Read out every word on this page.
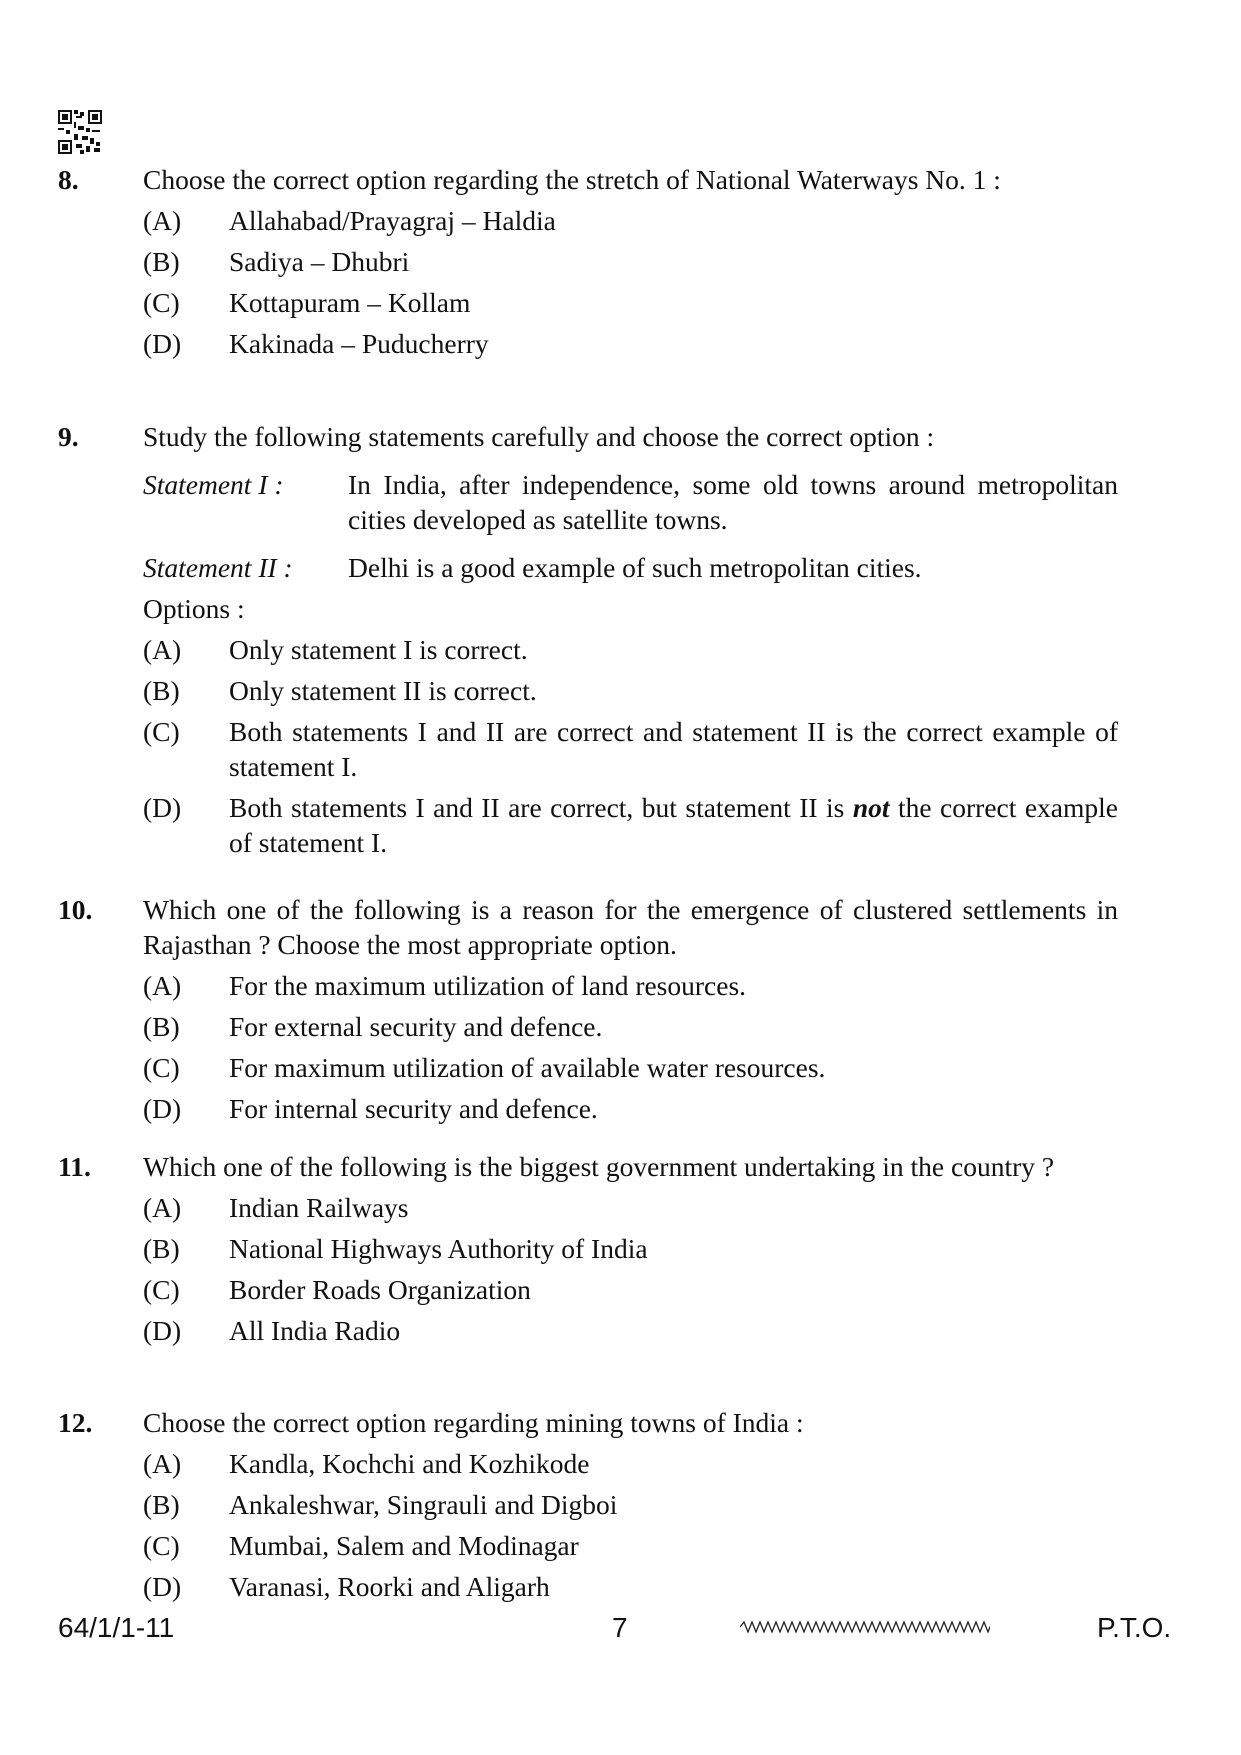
8. Choose the correct option regarding the stretch of National Waterways No. 1 :
(A) Allahabad/Prayagraj – Haldia
(B) Sadiya – Dhubri
(C) Kottapuram – Kollam
(D) Kakinada – Puducherry
9. Study the following statements carefully and choose the correct option :
Statement I : In India, after independence, some old towns around metropolitan cities developed as satellite towns.
Statement II : Delhi is a good example of such metropolitan cities.
Options :
(A) Only statement I is correct.
(B) Only statement II is correct.
(C) Both statements I and II are correct and statement II is the correct example of statement I.
(D) Both statements I and II are correct, but statement II is not the correct example of statement I.
10. Which one of the following is a reason for the emergence of clustered settlements in Rajasthan ? Choose the most appropriate option.
(A) For the maximum utilization of land resources.
(B) For external security and defence.
(C) For maximum utilization of available water resources.
(D) For internal security and defence.
11. Which one of the following is the biggest government undertaking in the country ?
(A) Indian Railways
(B) National Highways Authority of India
(C) Border Roads Organization
(D) All India Radio
12. Choose the correct option regarding mining towns of India :
(A) Kandla, Kochchi and Kozhikode
(B) Ankaleshwar, Singrauli and Digboi
(C) Mumbai, Salem and Modinagar
(D) Varanasi, Roorki and Aligarh
64/1/1-11	7	P.T.O.
